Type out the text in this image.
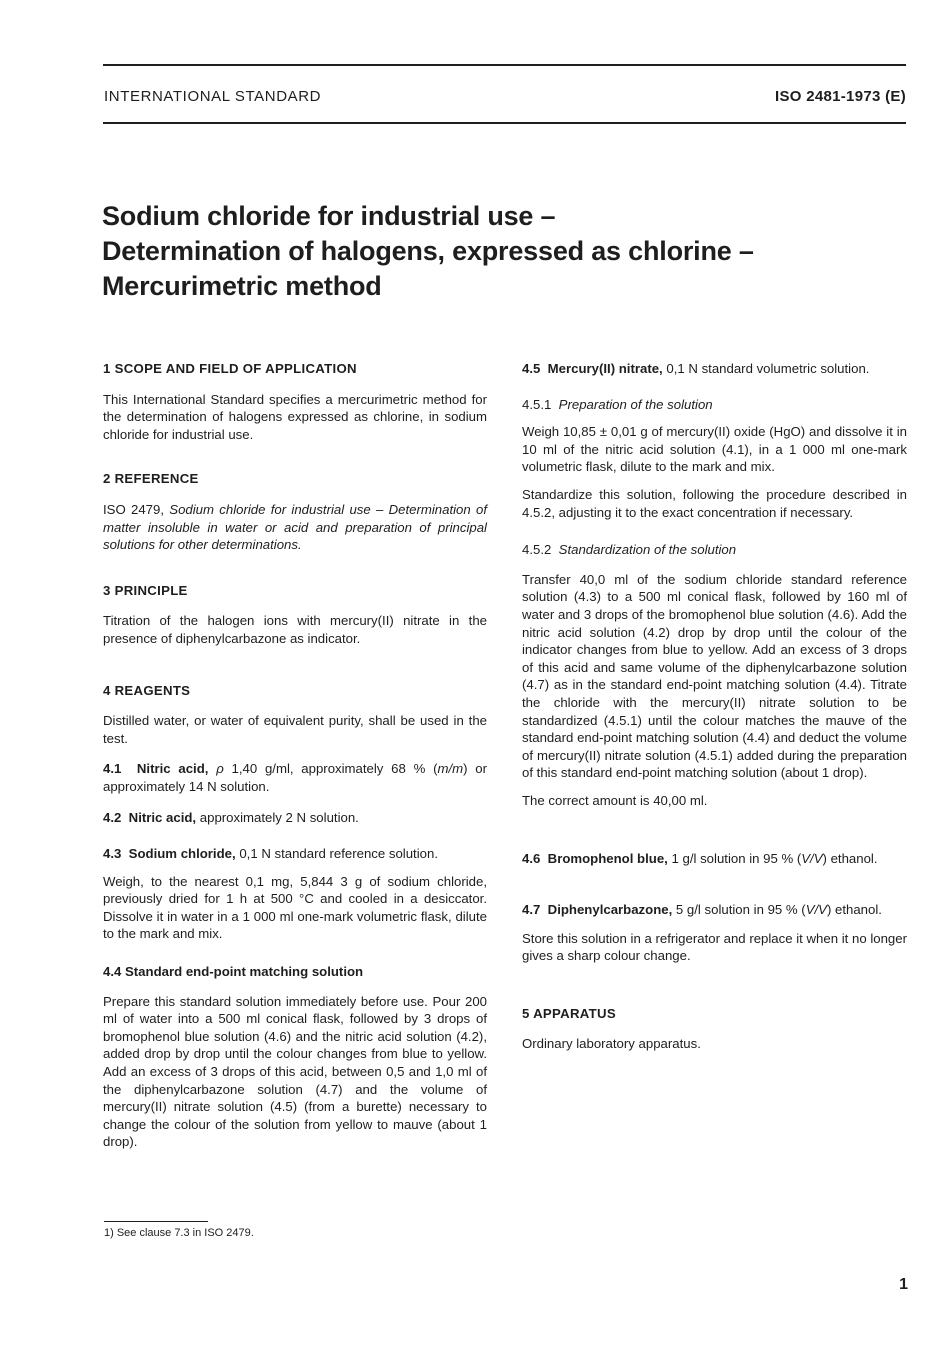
INTERNATIONAL STANDARD	ISO 2481-1973 (E)
Sodium chloride for industrial use –
Determination of halogens, expressed as chlorine –
Mercurimetric method
1 SCOPE AND FIELD OF APPLICATION

This International Standard specifies a mercurimetric method for the determination of halogens expressed as chlorine, in sodium chloride for industrial use.

2 REFERENCE

ISO 2479, Sodium chloride for industrial use – Determination of matter insoluble in water or acid and preparation of principal solutions for other determinations.

3 PRINCIPLE

Titration of the halogen ions with mercury(II) nitrate in the presence of diphenylcarbazone as indicator.

4 REAGENTS

Distilled water, or water of equivalent purity, shall be used in the test.

4.1 Nitric acid, ρ 1,40 g/ml, approximately 68 % (m/m) or approximately 14 N solution.

4.2 Nitric acid, approximately 2 N solution.

4.3 Sodium chloride, 0,1 N standard reference solution.

Weigh, to the nearest 0,1 mg, 5,844 3 g of sodium chloride, previously dried for 1 h at 500 °C and cooled in a desiccator. Dissolve it in water in a 1 000 ml one-mark volumetric flask, dilute to the mark and mix.

4.4 Standard end-point matching solution

Prepare this standard solution immediately before use. Pour 200 ml of water into a 500 ml conical flask, followed by 3 drops of bromophenol blue solution (4.6) and the nitric acid solution (4.2), added drop by drop until the colour changes from blue to yellow. Add an excess of 3 drops of this acid, between 0,5 and 1,0 ml of the diphenylcarbazone solution (4.7) and the volume of mercury(II) nitrate solution (4.5) (from a burette) necessary to change the colour of the solution from yellow to mauve (about 1 drop).

4.5 Mercury(II) nitrate, 0,1 N standard volumetric solution.

4.5.1 Preparation of the solution

Weigh 10,85 ± 0,01 g of mercury(II) oxide (HgO) and dissolve it in 10 ml of the nitric acid solution (4.1), in a 1 000 ml one-mark volumetric flask, dilute to the mark and mix.

Standardize this solution, following the procedure described in 4.5.2, adjusting it to the exact concentration if necessary.

4.5.2 Standardization of the solution

Transfer 40,0 ml of the sodium chloride standard reference solution (4.3) to a 500 ml conical flask, followed by 160 ml of water and 3 drops of the bromophenol blue solution (4.6). Add the nitric acid solution (4.2) drop by drop until the colour of the indicator changes from blue to yellow. Add an excess of 3 drops of this acid and same volume of the diphenylcarbazone solution (4.7) as in the standard end-point matching solution (4.4). Titrate the chloride with the mercury(II) nitrate solution to be standardized (4.5.1) until the colour matches the mauve of the standard end-point matching solution (4.4) and deduct the volume of mercury(II) nitrate solution (4.5.1) added during the preparation of this standard end-point matching solution (about 1 drop).

The correct amount is 40,00 ml.

4.6 Bromophenol blue, 1 g/l solution in 95 % (V/V) ethanol.

4.7 Diphenylcarbazone, 5 g/l solution in 95 % (V/V) ethanol.

Store this solution in a refrigerator and replace it when it no longer gives a sharp colour change.

5 APPARATUS

Ordinary laboratory apparatus.

1) See clause 7.3 in ISO 2479.
1
